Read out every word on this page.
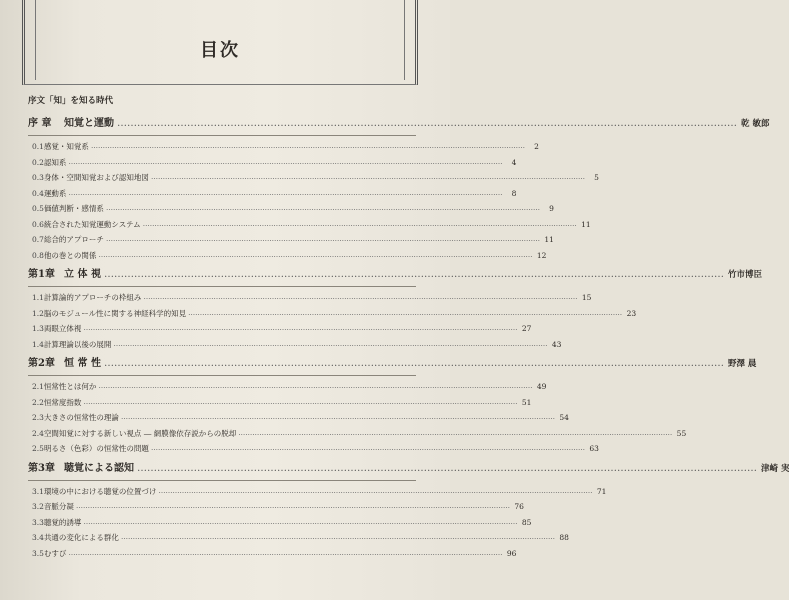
目次
序文「知」を知る時代
序 章	知覚と運動 …………………………………………………………………………………………………………………………………………………………………… 乾 敏郎
0.1 感覚・知覚系 ……………………………………………………………………………………………………………………………………………………………………	2
0.2 認知系 ……………………………………………………………………………………………………………………………………………………………………	4
0.3 身体・空間知覚および認知地図 ……………………………………………………………………………………………………………………………………………………………………	5
0.4 運動系 ……………………………………………………………………………………………………………………………………………………………………	8
0.5 価値判断・感情系 ……………………………………………………………………………………………………………………………………………………………………	9
0.6 統合された知覚運動システム …………………………………………………………………………………………………………………………………………………………………… 11
0.7 総合的アプローチ …………………………………………………………………………………………………………………………………………………………………… 11
0.8 他の巻との関係 …………………………………………………………………………………………………………………………………………………………………… 12
第1章 立 体 視 …………………………………………………………………………………………………………………………………………………………………… 竹市博臣
1.1 計算論的アプローチの枠組み …………………………………………………………………………………………………………………………………………………………………… 15
1.2 脳のモジュール性に関する神経科学的知見 …………………………………………………………………………………………………………………………………………………………………… 23
1.3 両眼立体視 …………………………………………………………………………………………………………………………………………………………………… 27
1.4 計算理論以後の展開 …………………………………………………………………………………………………………………………………………………………………… 43
第2章 恒 常 性 …………………………………………………………………………………………………………………………………………………………………… 野澤 晨
2.1 恒常性とは何か …………………………………………………………………………………………………………………………………………………………………… 49
2.2 恒常度指数 …………………………………………………………………………………………………………………………………………………………………… 51
2.3 大きさの恒常性の理論 …………………………………………………………………………………………………………………………………………………………………… 54
2.4 空間知覚に対する新しい視点 ― 網膜像依存説からの脱却 …………………………………………………………………………………………………………………………………………………………………… 55
2.5 明るさ（色彩）の恒常性の問題 …………………………………………………………………………………………………………………………………………………………………… 63
第3章 聴覚による認知 …………………………………………………………………………………………………………………………………………………………………… 津崎 実
3.1 環境の中における聴覚の位置づけ …………………………………………………………………………………………………………………………………………………………………… 71
3.2 音脈分凝 …………………………………………………………………………………………………………………………………………………………………… 76
3.3 聴覚的誘導 …………………………………………………………………………………………………………………………………………………………………… 85
3.4 共通の変化による群化 …………………………………………………………………………………………………………………………………………………………………… 88
3.5 むすび …………………………………………………………………………………………………………………………………………………………………… 96
